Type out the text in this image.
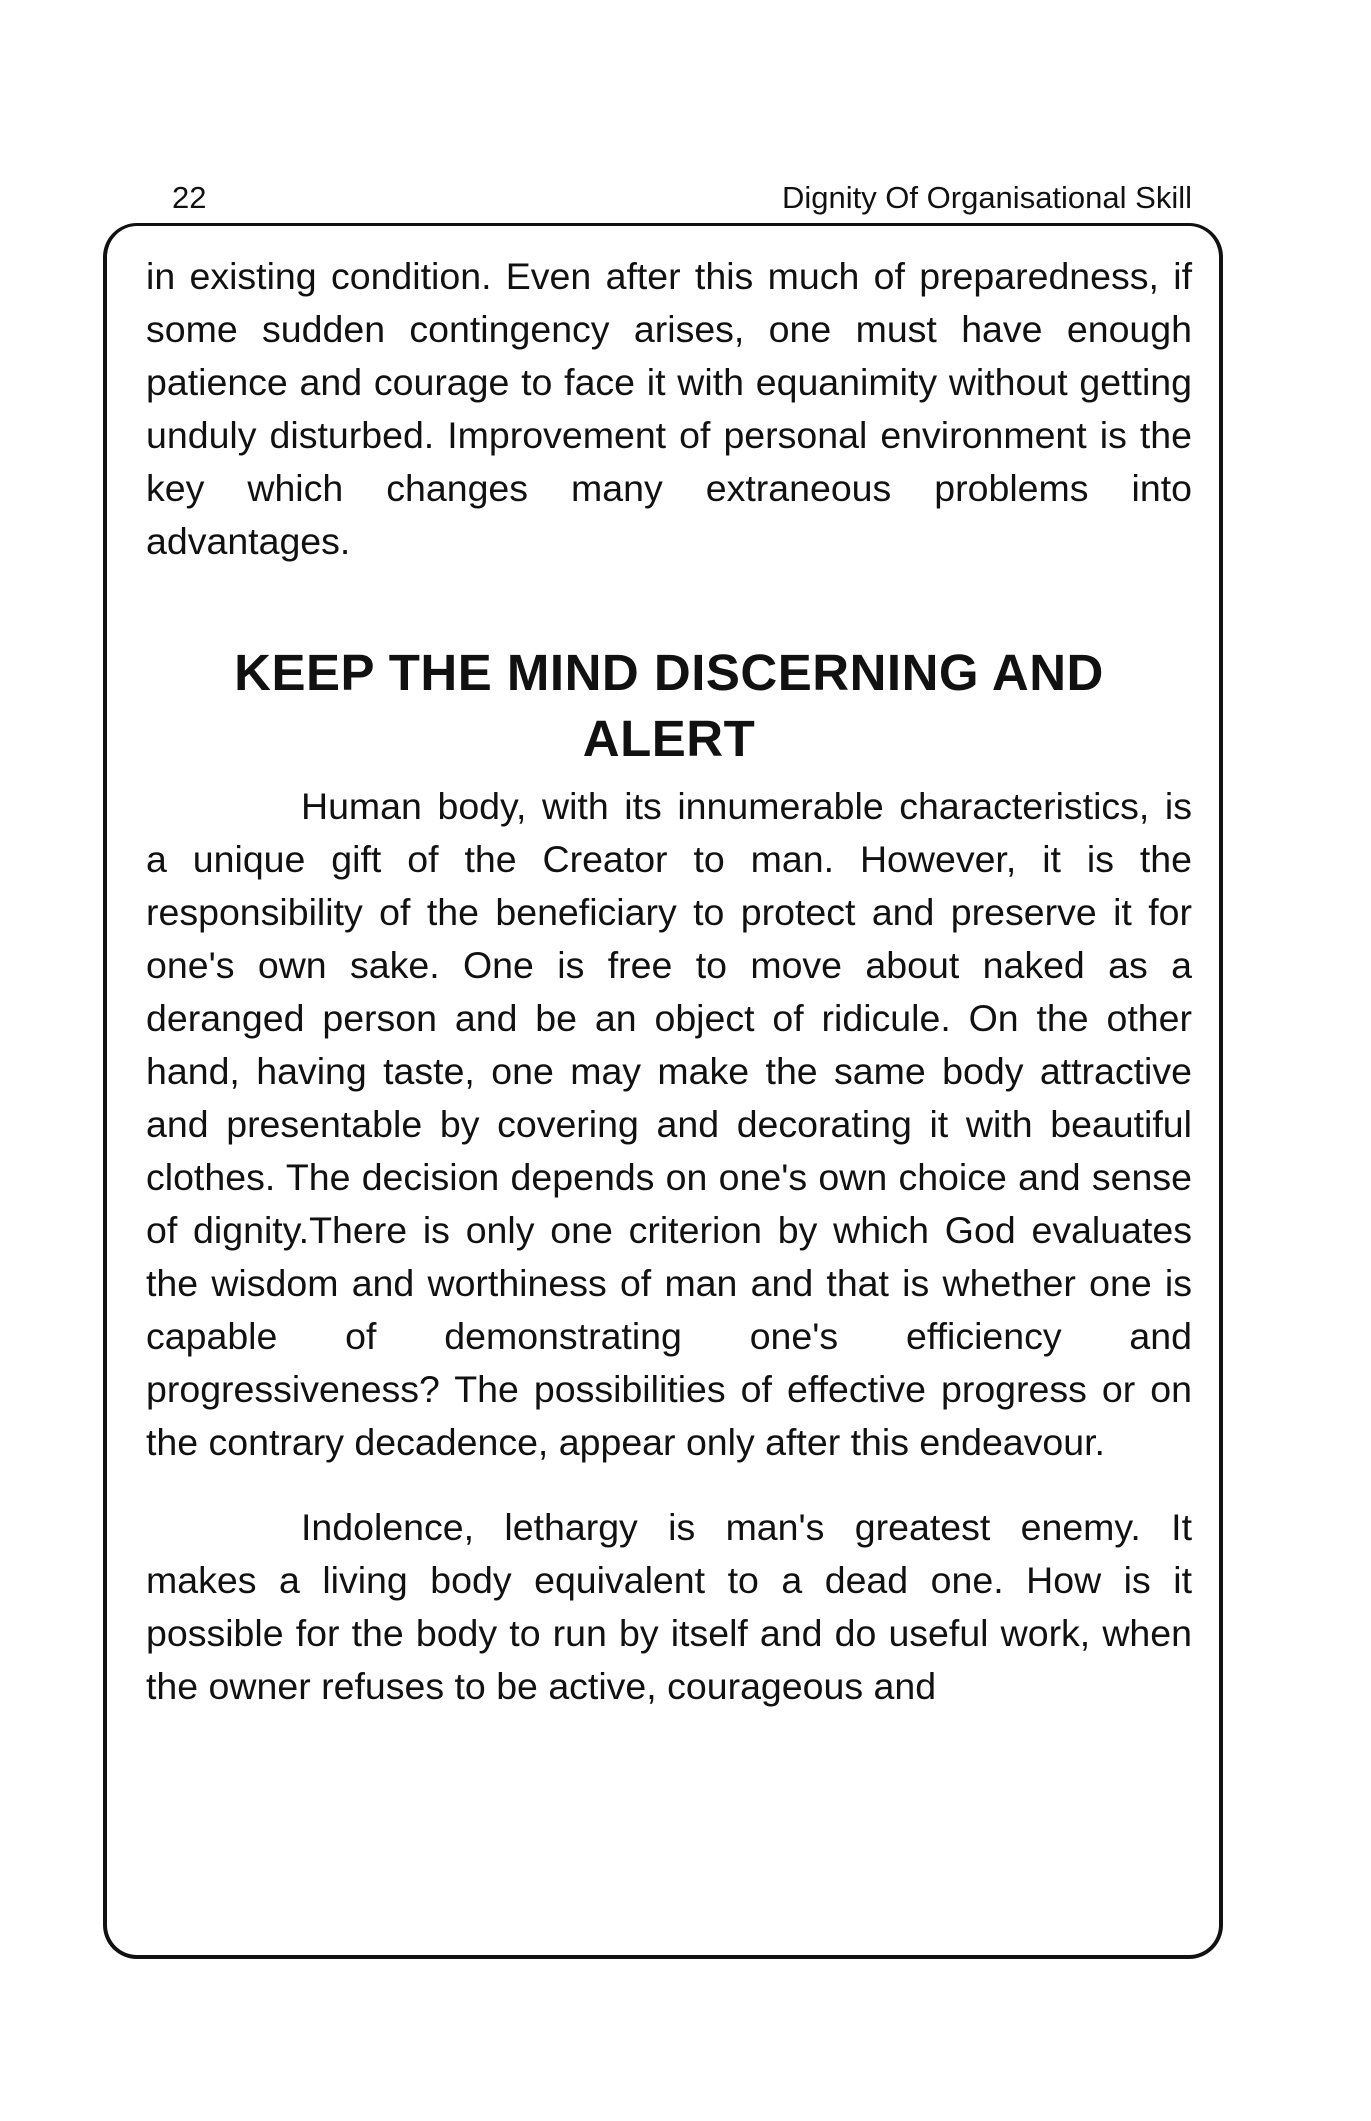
22	Dignity Of Organisational Skill

in existing condition. Even after this much of preparedness, if some sudden contingency arises, one must have enough patience and courage to face it with equanimity without getting unduly disturbed. Improvement of personal environment is the key which changes many extraneous problems into advantages.

KEEP THE MIND DISCERNING AND ALERT

Human body, with its innumerable characteristics, is a unique gift of the Creator to man. However, it is the responsibility of the beneficiary to protect and preserve it for one's own sake. One is free to move about naked as a deranged person and be an object of ridicule. On the other hand, having taste, one may make the same body attractive and presentable by covering and decorating it with beautiful clothes. The decision depends on one's own choice and sense of dignity.There is only one criterion by which God evaluates the wisdom and worthiness of man and that is whether one is capable of demonstrating one's efficiency and progressiveness? The possibilities of effective progress or on the contrary decadence, appear only after this endeavour.

Indolence, lethargy is man's greatest enemy. It makes a living body equivalent to a dead one. How is it possible for the body to run by itself and do useful work, when the owner refuses to be active, courageous and
